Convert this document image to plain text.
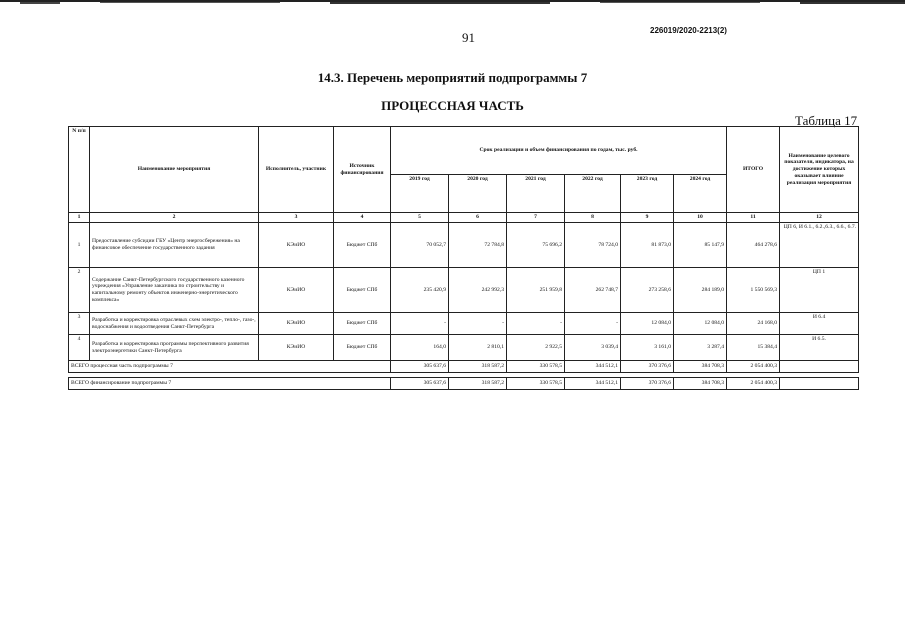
91	226019/2020-2213(2)
14.3. Перечень мероприятий подпрограммы 7
ПРОЦЕССНАЯ ЧАСТЬ
Таблица 17
N п/п	Наименование мероприятия	Исполнитель, участник	Источник финансирования	Срок реализации и объем финансирования по годам, тыс. руб.						ИТОГО	Наименование целевого показателя, индикатора, на достижение которых оказывает влияние реализация мероприятия
				2019 год	2020 год	2021 год	2022 год	2023 год	2024 год		
1	2	3	4	5	6	7	8	9	10	11	12
1	Предоставление субсидии ГБУ «Центр энергосбережения» на финансовое обеспечение государственного задания	КЭиИО	Бюджет СПб	70 052,7	72 784,8	75 696,2	78 724,0	81 873,0	85 147,9	464 278,6	ЦП 6, И 6.1., 6.2.,6.3., 6.6., 6.7.
2	Содержание Санкт-Петербургского государственного казенного учреждения «Управление заказчика по строительству и капитальному ремонту объектов инженерно-энергетического комплекса»	КЭиИО	Бюджет СПб	235 420,9	242 992,3	251 959,8	262 748,7	273 258,6	284 189,0	1 550 569,3	ЦП 1
3	Разработка и корректировка отраслевых схем электро-, тепло-, газо-, водоснабжения и водоотведения Санкт-Петербурга	КЭиИО	Бюджет СПб	-	-	-	-	12 084,0	12 084,0	24 168,0	И 6.4
4	Разработка и корректировка программы перспективного развития электроэнергетики Санкт-Петербурга	КЭиИО	Бюджет СПб	164,0	2 810,1	2 922,5	3 039,4	3 161,0	3 287,4	15 384,4	И 6.5.
ВСЕГО процессная часть подпрограммы 7				305 637,6	318 587,2	330 578,5	344 512,1	370 376,6	384 708,3	2 054 400,3	

ВСЕГО финансирование подпрограммы 7				305 637,6	318 587,2	330 578,5	344 512,1	370 376,6	384 708,3	2 054 400,3	
